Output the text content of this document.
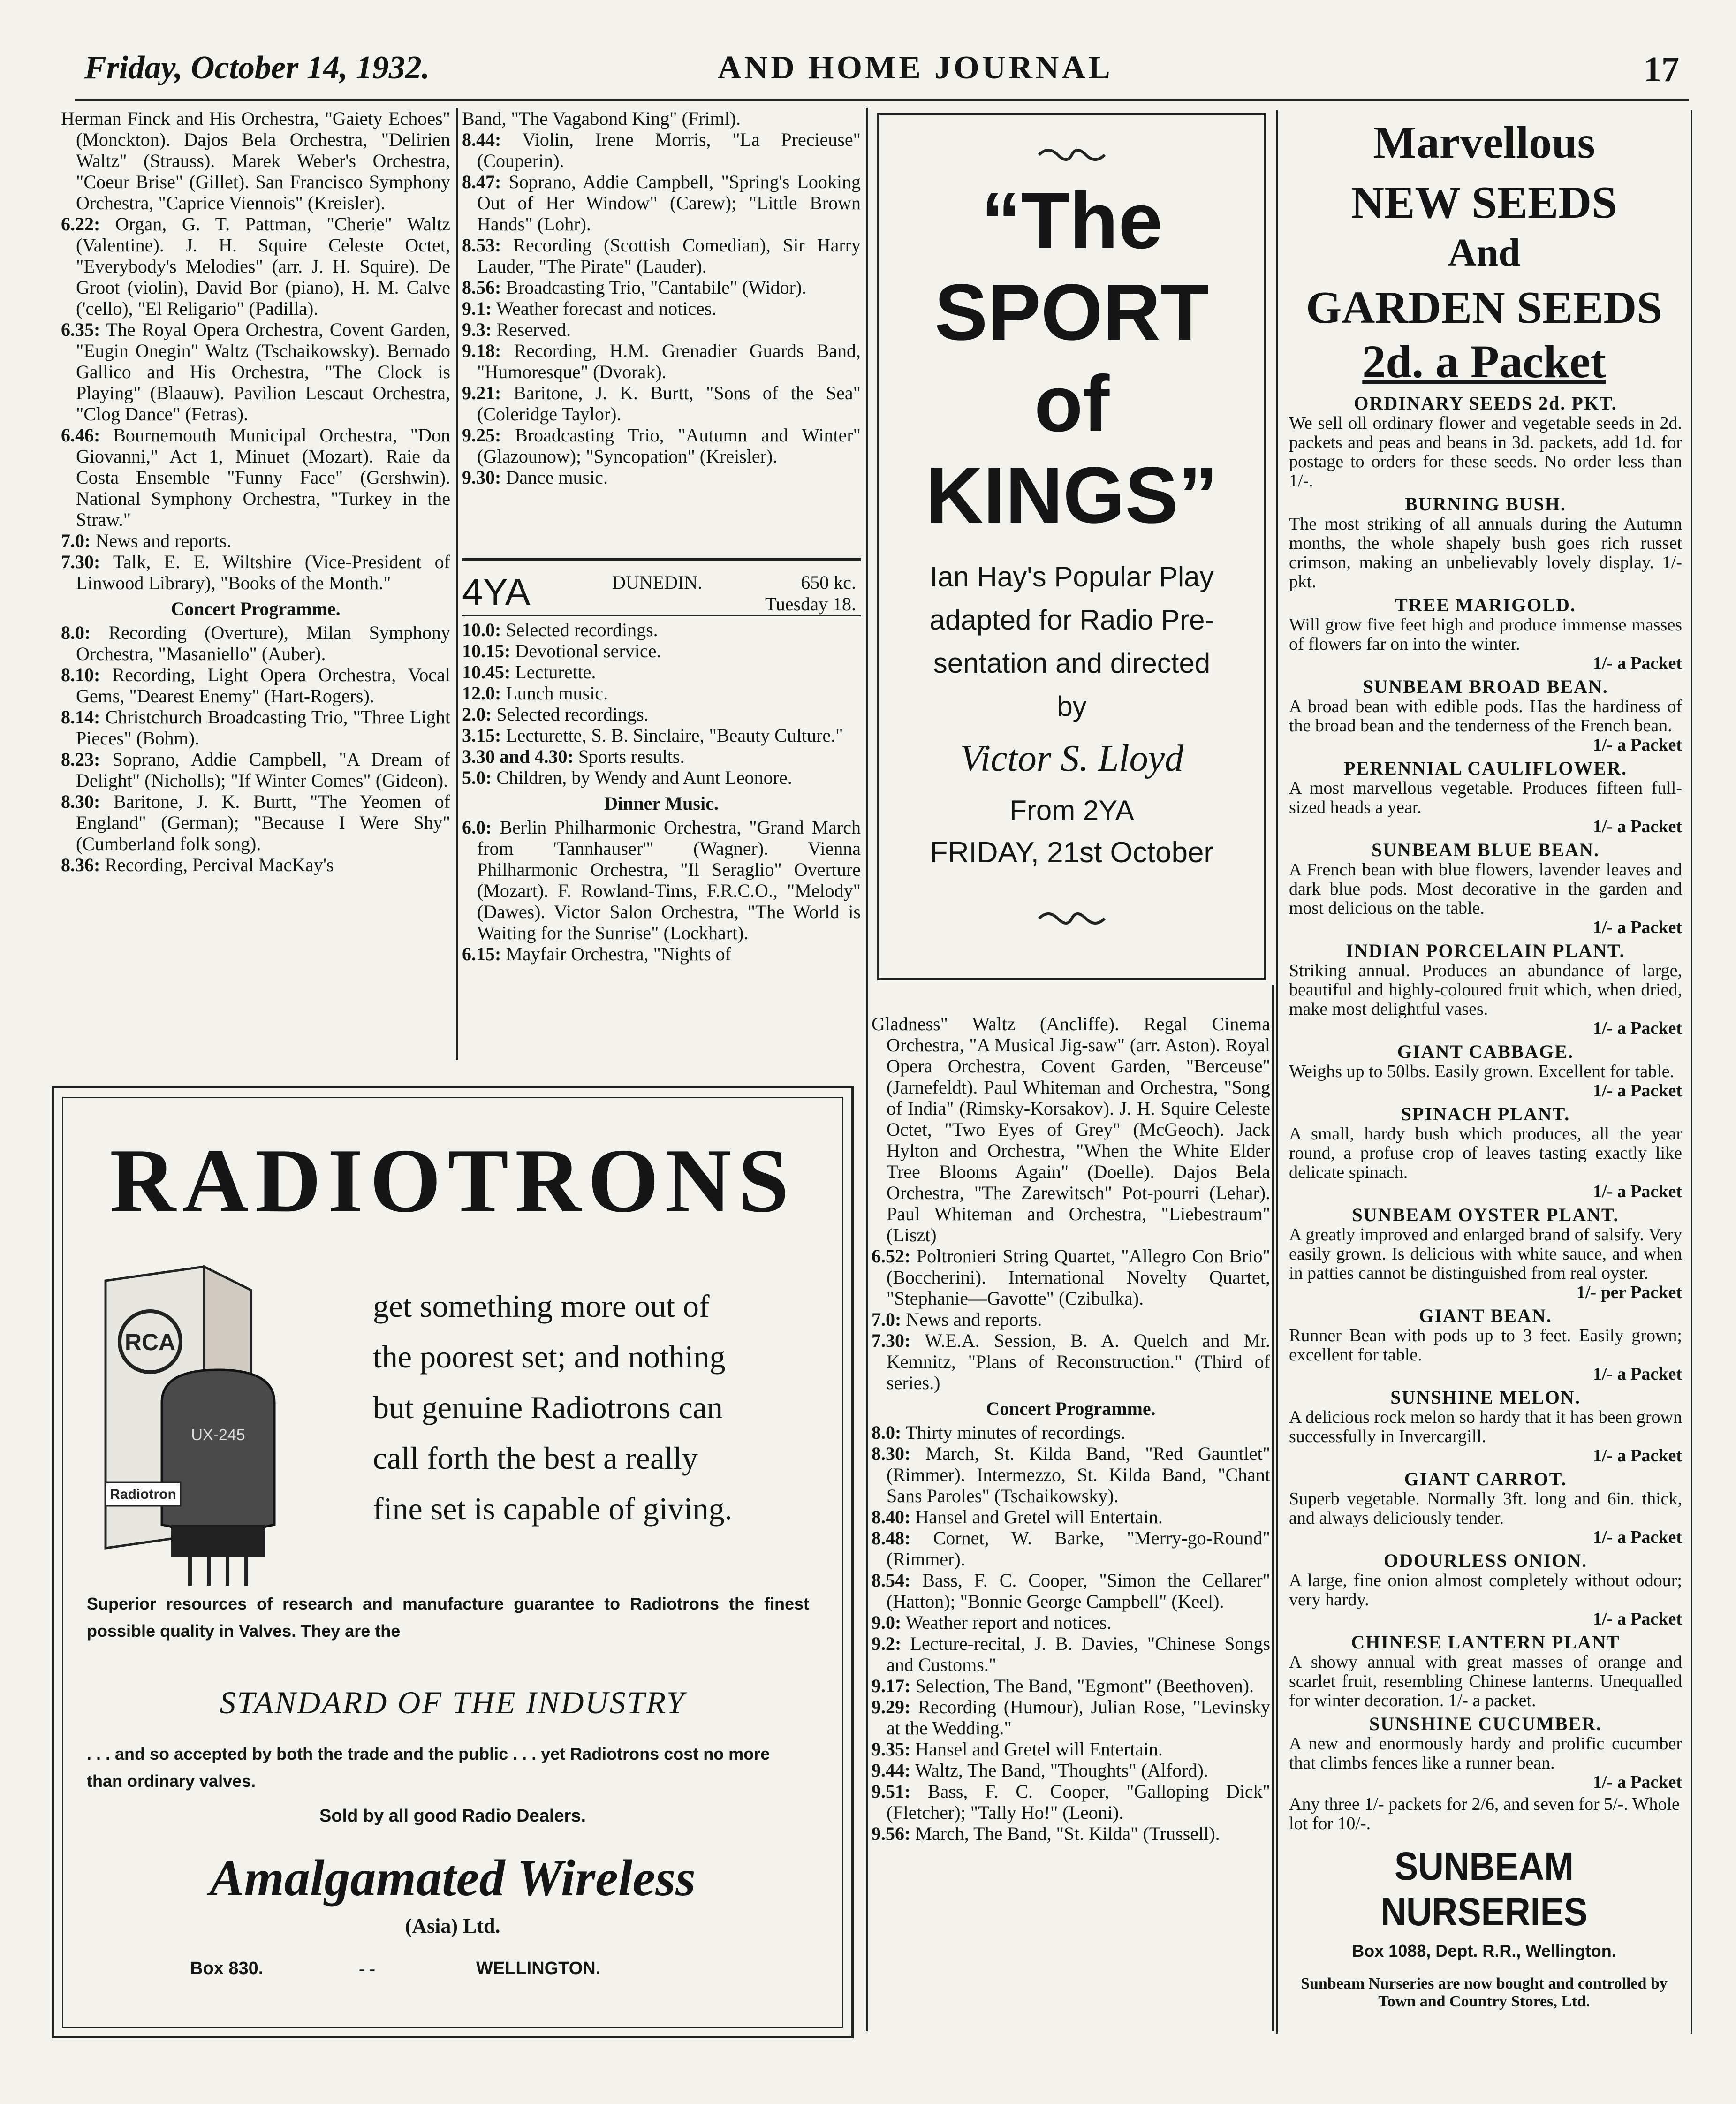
Friday, October 14, 1932.	AND HOME JOURNAL	17

Herman Finck and His Orchestra, "Gaiety Echoes" (Monckton). Dajos Bela Orchestra, "Delirien Waltz" (Strauss). Marek Weber's Orchestra, "Coeur Brise" (Gillet). San Francisco Symphony Orchestra, "Caprice Viennois" (Kreisler).

6.22: Organ, G. T. Pattman, "Cherie" Waltz (Valentine). J. H. Squire Celeste Octet, "Everybody's Melodies" (arr. J. H. Squire). De Groot (violin), David Bor (piano), H. M. Calve ('cello), "El Religario" (Padilla).

6.35: The Royal Opera Orchestra, Covent Garden, "Eugin Onegin" Waltz (Tschaikowsky). Bernado Gallico and His Orchestra, "The Clock is Playing" (Blaauw). Pavilion Lescaut Orchestra, "Clog Dance" (Fetras).

6.46: Bournemouth Municipal Orchestra, "Don Giovanni," Act 1, Minuet (Mozart). Raie da Costa Ensemble "Funny Face" (Gershwin). National Symphony Orchestra, "Turkey in the Straw."

7.0: News and reports.

7.30: Talk, E. E. Wiltshire (Vice-President of Linwood Library), "Books of the Month."

Concert Programme.

8.0: Recording (Overture), Milan Symphony Orchestra, "Masaniello" (Auber).

8.10: Recording, Light Opera Orchestra, Vocal Gems, "Dearest Enemy" (Hart-Rogers).

8.14: Christchurch Broadcasting Trio, "Three Light Pieces" (Bohm).

8.23: Soprano, Addie Campbell, "A Dream of Delight" (Nicholls); "If Winter Comes" (Gideon).

8.30: Baritone, J. K. Burtt, "The Yeomen of England" (German); "Because I Were Shy" (Cumberland folk song).

8.36: Recording, Percival MacKay's

Band, "The Vagabond King" (Friml).

8.44: Violin, Irene Morris, "La Precieuse" (Couperin).

8.47: Soprano, Addie Campbell, "Spring's Looking Out of Her Window" (Carew); "Little Brown Hands" (Lohr).

8.53: Recording (Scottish Comedian), Sir Harry Lauder, "The Pirate" (Lauder).

8.56: Broadcasting Trio, "Cantabile" (Widor).

9.1: Weather forecast and notices.

9.3: Reserved.

9.18: Recording, H.M. Grenadier Guards Band, "Humoresque" (Dvorak).

9.21: Baritone, J. K. Burtt, "Sons of the Sea" (Coleridge Taylor).

9.25: Broadcasting Trio, "Autumn and Winter" (Glazounow); "Syncopation" (Kreisler).

9.30: Dance music.

4YA	DUNEDIN.	650 kc.
Tuesday 18.

10.0: Selected recordings.

10.15: Devotional service.

10.45: Lecturette.

12.0: Lunch music.

2.0: Selected recordings.

3.15: Lecturette, S. B. Sinclaire, "Beauty Culture."

3.30 and 4.30: Sports results.

5.0: Children, by Wendy and Aunt Leonore.

Dinner Music.

6.0: Berlin Philharmonic Orchestra, "Grand March from 'Tannhauser'" (Wagner). Vienna Philharmonic Orchestra, "Il Seraglio" Overture (Mozart). F. Rowland-Tims, F.R.C.O., "Melody" (Dawes). Victor Salon Orchestra, "The World is Waiting for the Sunrise" (Lockhart).

6.15: Mayfair Orchestra, "Nights of

“The
SPORT
of
KINGS”
Ian Hay's Popular Play
adapted for Radio Pre-
sentation and directed
by
Victor S. Lloyd
From 2YA
FRIDAY, 21st October

Gladness" Waltz (Ancliffe). Regal Cinema Orchestra, "A Musical Jig-saw" (arr. Aston). Royal Opera Orchestra, Covent Garden, "Berceuse" (Jarnefeldt). Paul Whiteman and Orchestra, "Song of India" (Rimsky-Korsakov). J. H. Squire Celeste Octet, "Two Eyes of Grey" (McGeoch). Jack Hylton and Orchestra, "When the White Elder Tree Blooms Again" (Doelle). Dajos Bela Orchestra, "The Zarewitsch" Pot-pourri (Lehar). Paul Whiteman and Orchestra, "Liebestraum" (Liszt)

6.52: Poltronieri String Quartet, "Allegro Con Brio" (Boccherini). International Novelty Quartet, "Stephanie—Gavotte" (Czibulka).

7.0: News and reports.

7.30: W.E.A. Session, B. A. Quelch and Mr. Kemnitz, "Plans of Reconstruction." (Third of series.)

Concert Programme.

8.0: Thirty minutes of recordings.

8.30: March, St. Kilda Band, "Red Gauntlet" (Rimmer). Intermezzo, St. Kilda Band, "Chant Sans Paroles" (Tschaikowsky).

8.40: Hansel and Gretel will Entertain.

8.48: Cornet, W. Barke, "Merry-go-Round" (Rimmer).

8.54: Bass, F. C. Cooper, "Simon the Cellarer" (Hatton); "Bonnie George Campbell" (Keel).

9.0: Weather report and notices.

9.2: Lecture-recital, J. B. Davies, "Chinese Songs and Customs."

9.17: Selection, The Band, "Egmont" (Beethoven).

9.29: Recording (Humour), Julian Rose, "Levinsky at the Wedding."

9.35: Hansel and Gretel will Entertain.

9.44: Waltz, The Band, "Thoughts" (Alford).

9.51: Bass, F. C. Cooper, "Galloping Dick" (Fletcher); "Tally Ho!" (Leoni).

9.56: March, The Band, "St. Kilda" (Trussell).

RADIOTRONS
RCA
UX-245
Radiotron
get something more out of
the poorest set; and nothing
but genuine Radiotrons can
call forth the best a really
fine set is capable of giving.
Superior resources of research and manufacture guarantee to Radiotrons the finest possible quality in Valves. They are the
STANDARD OF THE INDUSTRY
. . . and so accepted by both the trade and the public . . . yet Radiotrons cost no more than ordinary valves.
Sold by all good Radio Dealers.
Amalgamated Wireless
(Asia) Ltd.
Box 830.	- -	WELLINGTON.
Marvellous
NEW SEEDS
And
GARDEN SEEDS
2d. a Packet
ORDINARY SEEDS 2d. PKT.
We sell oll ordinary flower and vegetable seeds in 2d. packets and peas and beans in 3d. packets, add 1d. for postage to orders for these seeds. No order less than 1/-.
BURNING BUSH.
The most striking of all annuals during the Autumn months, the whole shapely bush goes rich russet crimson, making an unbelievably lovely display. 1/- pkt.
TREE MARIGOLD.
Will grow five feet high and produce immense masses of flowers far on into the winter.
1/- a Packet
SUNBEAM BROAD BEAN.
A broad bean with edible pods. Has the hardiness of the broad bean and the tenderness of the French bean.
1/- a Packet
PERENNIAL CAULIFLOWER.
A most marvellous vegetable. Produces fifteen full-sized heads a year.
1/- a Packet
SUNBEAM BLUE BEAN.
A French bean with blue flowers, lavender leaves and dark blue pods. Most decorative in the garden and most delicious on the table.
1/- a Packet
INDIAN PORCELAIN PLANT.
Striking annual. Produces an abundance of large, beautiful and highly-coloured fruit which, when dried, make most delightful vases.
1/- a Packet
GIANT CABBAGE.
Weighs up to 50lbs. Easily grown. Excellent for table.
1/- a Packet
SPINACH PLANT.
A small, hardy bush which produces, all the year round, a profuse crop of leaves tasting exactly like delicate spinach.
1/- a Packet
SUNBEAM OYSTER PLANT.
A greatly improved and enlarged brand of salsify. Very easily grown. Is delicious with white sauce, and when in patties cannot be distinguished from real oyster.
1/- per Packet
GIANT BEAN.
Runner Bean with pods up to 3 feet. Easily grown; excellent for table.
1/- a Packet
SUNSHINE MELON.
A delicious rock melon so hardy that it has been grown successfully in Invercargill.
1/- a Packet
GIANT CARROT.
Superb vegetable. Normally 3ft. long and 6in. thick, and always deliciously tender.
1/- a Packet
ODOURLESS ONION.
A large, fine onion almost completely without odour; very hardy.
1/- a Packet
CHINESE LANTERN PLANT
A showy annual with great masses of orange and scarlet fruit, resembling Chinese lanterns. Unequalled for winter decoration. 1/- a packet.
SUNSHINE CUCUMBER.
A new and enormously hardy and prolific cucumber that climbs fences like a runner bean.
1/- a Packet
Any three 1/- packets for 2/6, and seven for 5/-. Whole lot for 10/-.
SUNBEAM NURSERIES
Box 1088, Dept. R.R., Wellington.
Sunbeam Nurseries are now bought and controlled by Town and Country Stores, Ltd.
